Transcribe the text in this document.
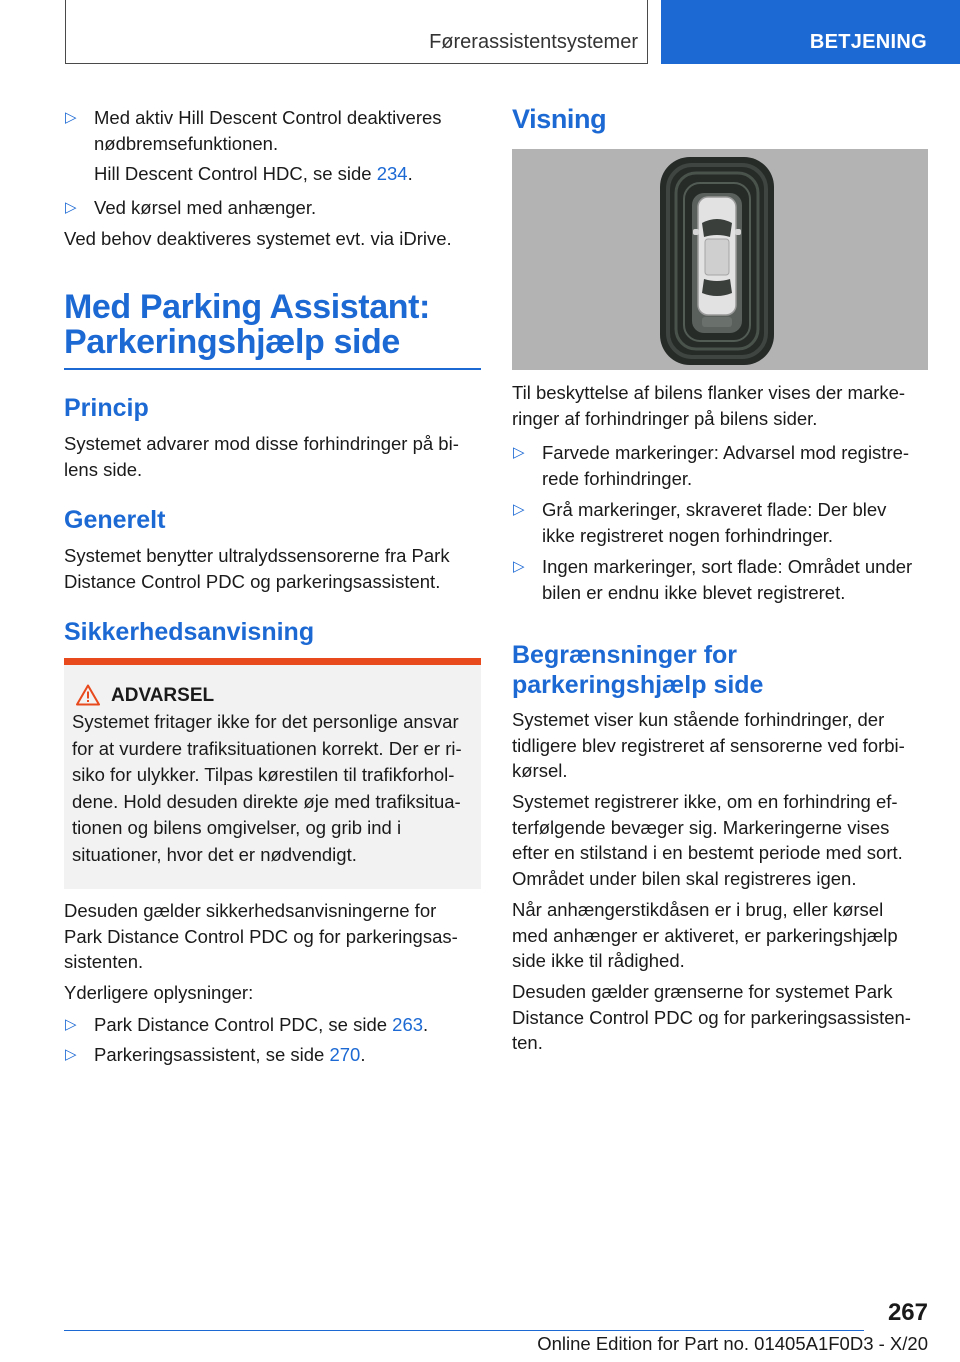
Førerassistentsystemer	BETJENING
▷ Med aktiv Hill Descent Control deaktiveres
nødbremsefunktionen.
Hill Descent Control HDC, se side 234.
▷ Ved kørsel med anhænger.
Ved behov deaktiveres systemet evt. via iDrive.
Med Parking Assistant:
Parkeringshjælp side
Princip
Systemet advarer mod disse forhindringer på bi-
lens side.
Generelt
Systemet benytter ultralydssensorerne fra Park
Distance Control PDC og parkeringsassistent.
Sikkerhedsanvisning
ADVARSEL
Systemet fritager ikke for det personlige ansvar
for at vurdere trafiksituationen korrekt. Der er ri-
siko for ulykker. Tilpas kørestilen til trafikforhol-
dene. Hold desuden direkte øje med trafiksitua-
tionen og bilens omgivelser, og grib ind i
situationer, hvor det er nødvendigt.
Desuden gælder sikkerhedsanvisningerne for
Park Distance Control PDC og for parkeringsas-
sistenten.
Yderligere oplysninger:
▷ Park Distance Control PDC, se side 263.
▷ Parkeringsassistent, se side 270.
Visning
Til beskyttelse af bilens flanker vises der marke-
ringer af forhindringer på bilens sider.
▷ Farvede markeringer: Advarsel mod registre-
rede forhindringer.
▷ Grå markeringer, skraveret flade: Der blev
ikke registreret nogen forhindringer.
▷ Ingen markeringer, sort flade: Området under
bilen er endnu ikke blevet registreret.
Begrænsninger for
parkeringshjælp side
Systemet viser kun stående forhindringer, der
tidligere blev registreret af sensorerne ved forbi-
kørsel.
Systemet registrerer ikke, om en forhindring ef-
terfølgende bevæger sig. Markeringerne vises
efter en stilstand i en bestemt periode med sort.
Området under bilen skal registreres igen.
Når anhængerstikdåsen er i brug, eller kørsel
med anhænger er aktiveret, er parkeringshjælp
side ikke til rådighed.
Desuden gælder grænserne for systemet Park
Distance Control PDC og for parkeringsassisten-
ten.
267
Online Edition for Part no. 01405A1F0D3 - X/20
